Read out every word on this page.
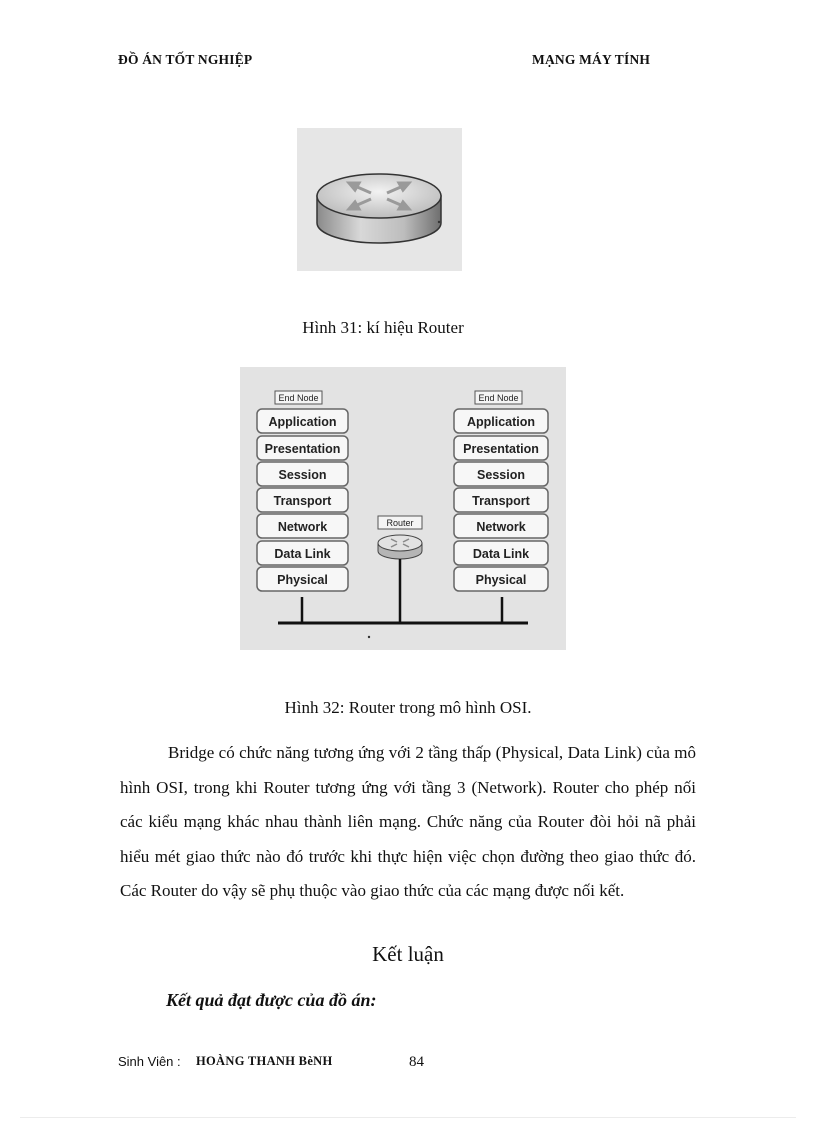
ĐỒ ÁN TỐT NGHIỆP	MẠNG MÁY TÍNH
Hình 31: kí hiệu Router
End Node	End Node
Application
Presentation
Session
Transport
Network
Data Link
Physical
Application
Presentation
Session
Transport
Network
Data Link
Physical
Router
Hình 32: Router trong mô hình OSI.

Bridge có chức năng tương ứng với 2 tầng thấp (Physical, Data Link) của mô hình OSI, trong khi Router tương ứng với tầng 3 (Network). Router cho phép nối các kiểu mạng khác nhau thành liên mạng. Chức năng của Router đòi hỏi nã phải hiểu mét giao thức nào đó trước khi thực hiện việc chọn đường theo giao thức đó. Các Router do vậy sẽ phụ thuộc vào giao thức của các mạng được nối kết.

Kết luận
Kết quả đạt được của đồ án:
Sinh Viên : HOÀNG THANH BèNH	84
